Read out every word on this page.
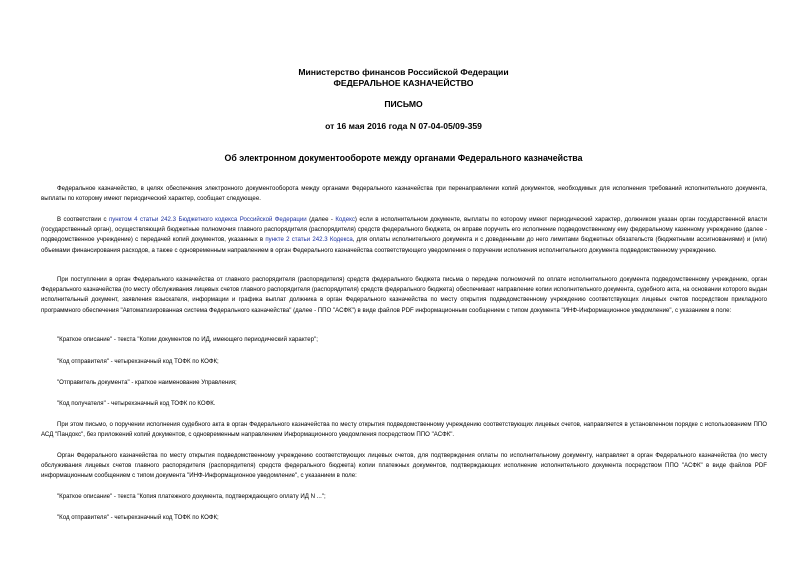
Министерство финансов Российской Федерации
ФЕДЕРАЛЬНОЕ КАЗНАЧЕЙСТВО
ПИСЬМО
от 16 мая 2016 года N 07-04-05/09-359
Об электронном документообороте между органами Федерального казначейства
Федеральное казначейство, в целях обеспечения электронного документооборота между органами Федерального казначейства при перенаправлении копий документов, необходимых для исполнения требований исполнительного документа, выплаты по которому имеют периодический характер, сообщает следующее.
В соответствии с пунктом 4 статьи 242.3 Бюджетного кодекса Российской Федерации (далее - Кодекс) если в исполнительном документе, выплаты по которому имеют периодический характер, должником указан орган государственной власти (государственный орган), осуществляющий бюджетные полномочия главного распорядителя (распорядителя) средств федерального бюджета, он вправе поручить его исполнение подведомственному ему федеральному казенному учреждению (далее - подведомственное учреждение) с передачей копий документов, указанных в пункте 2 статьи 242.3 Кодекса, для оплаты исполнительного документа и с доведенными до него лимитами бюджетных обязательств (бюджетными ассигнованиями) и (или) объемами финансирования расходов, а также с одновременным направлением в орган Федерального казначейства соответствующего уведомления о поручении исполнения исполнительного документа подведомственному учреждению.
При поступлении в орган Федерального казначейства от главного распорядителя (распорядителя) средств федерального бюджета письма о передаче полномочий по оплате исполнительного документа подведомственному учреждению, орган Федерального казначейства (по месту обслуживания лицевых счетов главного распорядителя (распорядителя) средств федерального бюджета) обеспечивает направление копии исполнительного документа, судебного акта, на основании которого выдан исполнительный документ, заявления взыскателя, информации и графика выплат должника в орган Федерального казначейства по месту открытия подведомственному учреждению соответствующих лицевых счетов посредством прикладного программного обеспечения "Автоматизированная система Федерального казначейства" (далее - ППО "АСФК") в виде файлов PDF информационным сообщением с типом документа "ИНФ-Информационное уведомление", с указанием в поле:
"Краткое описание" - текста "Копии документов по ИД, имеющего периодический характер";
"Код отправителя" - четырехзначный код ТОФК по КОФК;
"Отправитель документа" - краткое наименование Управления;
"Код получателя" - четырехзначный код ТОФК по КОФК.
При этом письмо, о поручении исполнения судебного акта в орган Федерального казначейства по месту открытия подведомственному учреждению соответствующих лицевых счетов, направляется в установленном порядке с использованием ППО АСД "Пандокс", без приложений копий документов, с одновременным направлением Информационного уведомления посредством ППО "АСФК".
Орган Федерального казначейства по месту открытия подведомственному учреждению соответствующих лицевых счетов, для подтверждения оплаты по исполнительному документу, направляет в орган Федерального казначейства (по месту обслуживания лицевых счетов главного распорядителя (распорядителя) средств федерального бюджета) копии платежных документов, подтверждающих исполнение исполнительного документа посредством ППО "АСФК" в виде файлов PDF информационным сообщением с типом документа "ИНФ-Информационное уведомление", с указанием в поле:
"Краткое описание" - текста "Копия платежного документа, подтверждающего оплату ИД N ...";
"Код отправителя" - четырехзначный код ТОФК по КОФК;
